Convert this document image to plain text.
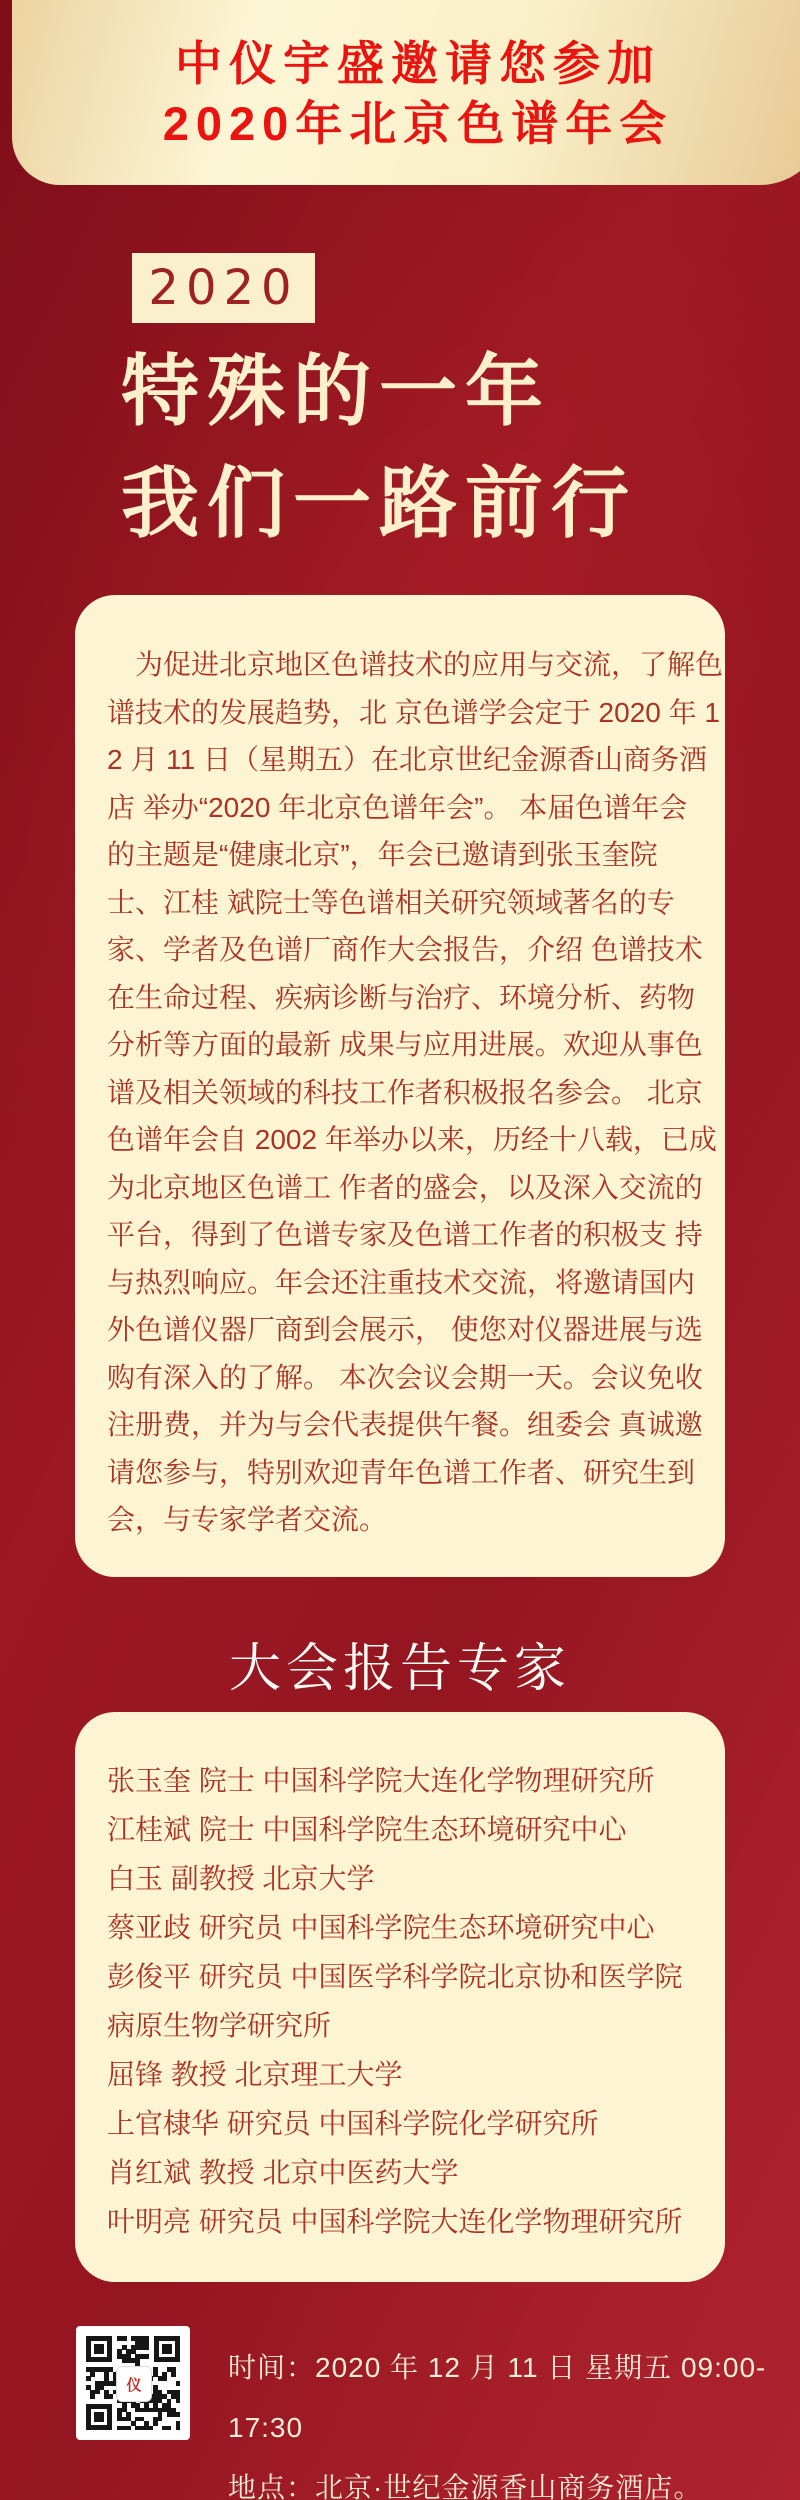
中仪宇盛邀请您参加
2020年北京色谱年会
2020
特殊的一年
我们一路前行
　为促进北京地区色谱技术的应用与交流，了解色
谱技术的发展趋势，北 京色谱学会定于 2020 年 1
2 月 11 日（星期五）在北京世纪金源香山商务酒
店 举办“2020 年北京色谱年会”。 本届色谱年会
的主题是“健康北京”，年会已邀请到张玉奎院
士、江桂 斌院士等色谱相关研究领域著名的专
家、学者及色谱厂商作大会报告，介绍 色谱技术
在生命过程、疾病诊断与治疗、环境分析、药物
分析等方面的最新 成果与应用进展。欢迎从事色
谱及相关领域的科技工作者积极报名参会。 北京
色谱年会自 2002 年举办以来，历经十八载，已成
为北京地区色谱工 作者的盛会，以及深入交流的
平台，得到了色谱专家及色谱工作者的积极支 持
与热烈响应。年会还注重技术交流，将邀请国内
外色谱仪器厂商到会展示， 使您对仪器进展与选
购有深入的了解。 本次会议会期一天。会议免收
注册费，并为与会代表提供午餐。组委会 真诚邀
请您参与，特别欢迎青年色谱工作者、研究生到
会，与专家学者交流。
大会报告专家
张玉奎 院士 中国科学院大连化学物理研究所
江桂斌 院士 中国科学院生态环境研究中心
白玉 副教授 北京大学
蔡亚歧 研究员 中国科学院生态环境研究中心
彭俊平 研究员 中国医学科学院北京协和医学院
病原生物学研究所
屈锋 教授 北京理工大学
上官棣华 研究员 中国科学院化学研究所
肖红斌 教授 北京中医药大学
叶明亮 研究员 中国科学院大连化学物理研究所
仪
时间：2020 年 12 月 11 日 星期五 09:00-17:30
地点：北京·世纪金源香山商务酒店。
